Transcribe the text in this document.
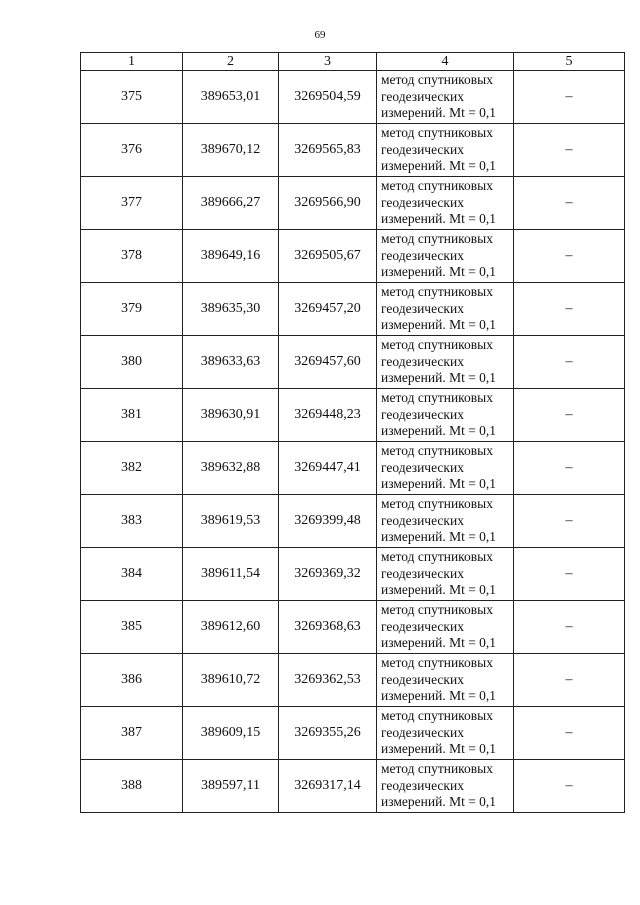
69
1	2	3	4	5
375	389653,01	3269504,59	метод спутниковых
геодезических
измерений. Mt = 0,1	–
376	389670,12	3269565,83	метод спутниковых
геодезических
измерений. Mt = 0,1	–
377	389666,27	3269566,90	метод спутниковых
геодезических
измерений. Mt = 0,1	–
378	389649,16	3269505,67	метод спутниковых
геодезических
измерений. Mt = 0,1	–
379	389635,30	3269457,20	метод спутниковых
геодезических
измерений. Mt = 0,1	–
380	389633,63	3269457,60	метод спутниковых
геодезических
измерений. Mt = 0,1	–
381	389630,91	3269448,23	метод спутниковых
геодезических
измерений. Mt = 0,1	–
382	389632,88	3269447,41	метод спутниковых
геодезических
измерений. Mt = 0,1	–
383	389619,53	3269399,48	метод спутниковых
геодезических
измерений. Mt = 0,1	–
384	389611,54	3269369,32	метод спутниковых
геодезических
измерений. Mt = 0,1	–
385	389612,60	3269368,63	метод спутниковых
геодезических
измерений. Mt = 0,1	–
386	389610,72	3269362,53	метод спутниковых
геодезических
измерений. Mt = 0,1	–
387	389609,15	3269355,26	метод спутниковых
геодезических
измерений. Mt = 0,1	–
388	389597,11	3269317,14	метод спутниковых
геодезических
измерений. Mt = 0,1	–
